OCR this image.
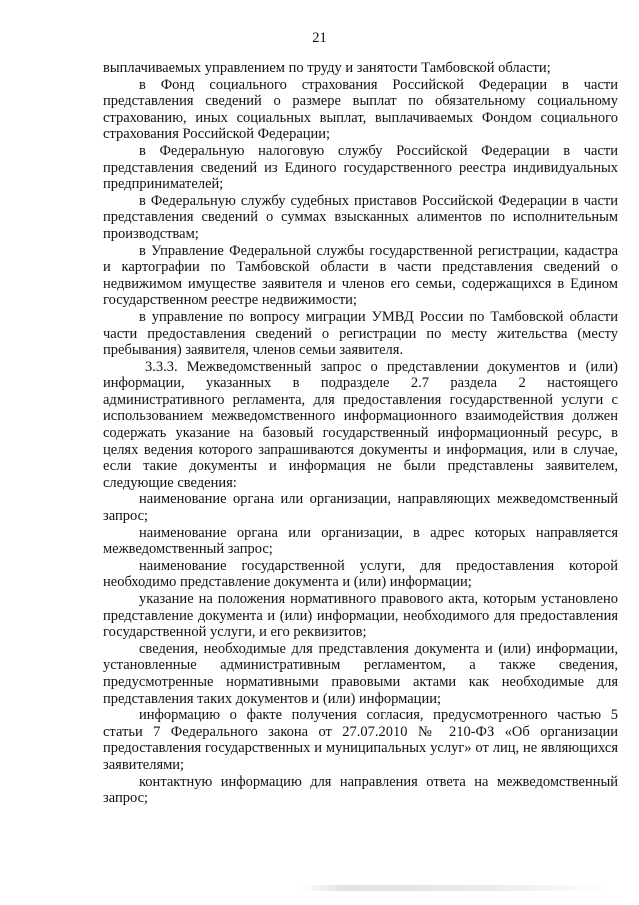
21

выплачиваемых управлением по труду и занятости Тамбовской области;

в Фонд социального страхования Российской Федерации в части представления сведений о размере выплат по обязательному социальному страхованию, иных социальных выплат, выплачиваемых Фондом социального страхования Российской Федерации;

в Федеральную налоговую службу Российской Федерации в части представления сведений из Единого государственного реестра индивидуальных предпринимателей;

в Федеральную службу судебных приставов Российской Федерации в части представления сведений о суммах взысканных алиментов по исполнительным производствам;

в Управление Федеральной службы государственной регистрации, кадастра и картографии по Тамбовской области в части представления сведений о недвижимом имуществе заявителя и членов его семьи, содержащихся в Едином государственном реестре недвижимости;

в управление по вопросу миграции УМВД России по Тамбовской области части предоставления сведений о регистрации по месту жительства (месту пребывания) заявителя, членов семьи заявителя.

3.3.3. Межведомственный запрос о представлении документов и (или) информации, указанных в подразделе 2.7 раздела 2 настоящего административного регламента, для предоставления государственной услуги с использованием межведомственного информационного взаимодействия должен содержать указание на базовый государственный информационный ресурс, в целях ведения которого запрашиваются документы и информация, или в случае, если такие документы и информация не были представлены заявителем, следующие сведения:

наименование органа или организации, направляющих межведомственный запрос;

наименование органа или организации, в адрес которых направляется межведомственный запрос;

наименование государственной услуги, для предоставления которой необходимо представление документа и (или) информации;

указание на положения нормативного правового акта, которым установлено представление документа и (или) информации, необходимого для предоставления государственной услуги, и его реквизитов;

сведения, необходимые для представления документа и (или) информации, установленные административным регламентом, а также сведения, предусмотренные нормативными правовыми актами как необходимые для представления таких документов и (или) информации;

информацию о факте получения согласия, предусмотренного частью 5 статьи 7 Федерального закона от 27.07.2010 № 210-ФЗ «Об организации предоставления государственных и муниципальных услуг» от лиц, не являющихся заявителями;

контактную информацию для направления ответа на межведомственный запрос;
